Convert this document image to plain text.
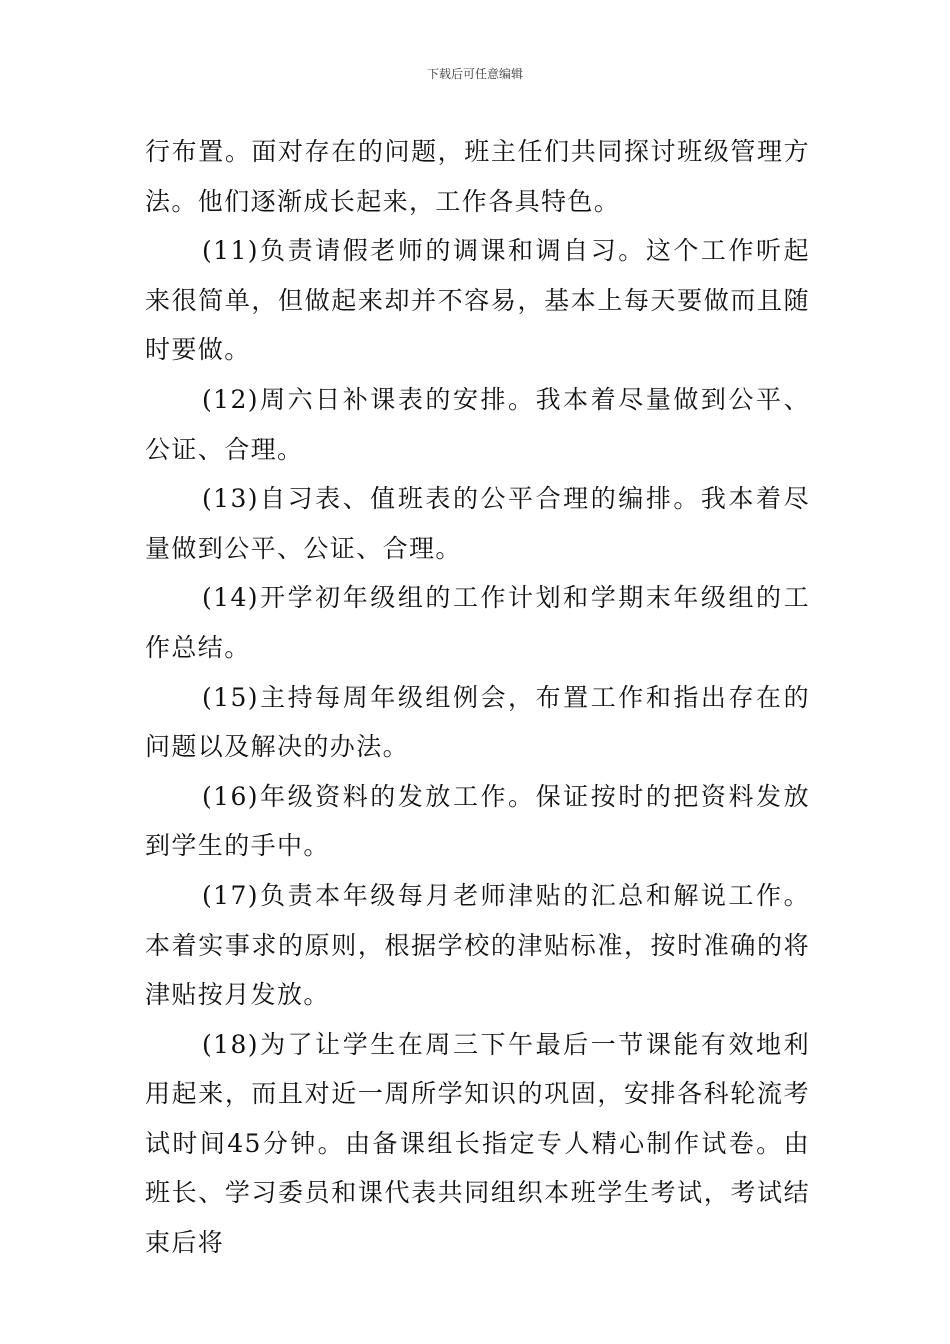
下载后可任意编辑

行布置。面对存在的问题，班主任们共同探讨班级管理方法。他们逐渐成长起来，工作各具特色。

(11)负责请假老师的调课和调自习。这个工作听起来很简单，但做起来却并不容易，基本上每天要做而且随时要做。

(12)周六日补课表的安排。我本着尽量做到公平、公证、合理。

(13)自习表、值班表的公平合理的编排。我本着尽量做到公平、公证、合理。

(14)开学初年级组的工作计划和学期末年级组的工作总结。

(15)主持每周年级组例会，布置工作和指出存在的问题以及解决的办法。

(16)年级资料的发放工作。保证按时的把资料发放到学生的手中。

(17)负责本年级每月老师津贴的汇总和解说工作。本着实事求的原则，根据学校的津贴标准，按时准确的将津贴按月发放。

(18)为了让学生在周三下午最后一节课能有效地利用起来，而且对近一周所学知识的巩固，安排各科轮流考试时间45分钟。由备课组长指定专人精心制作试卷。由班长、学习委员和课代表共同组织本班学生考试，考试结束后将
